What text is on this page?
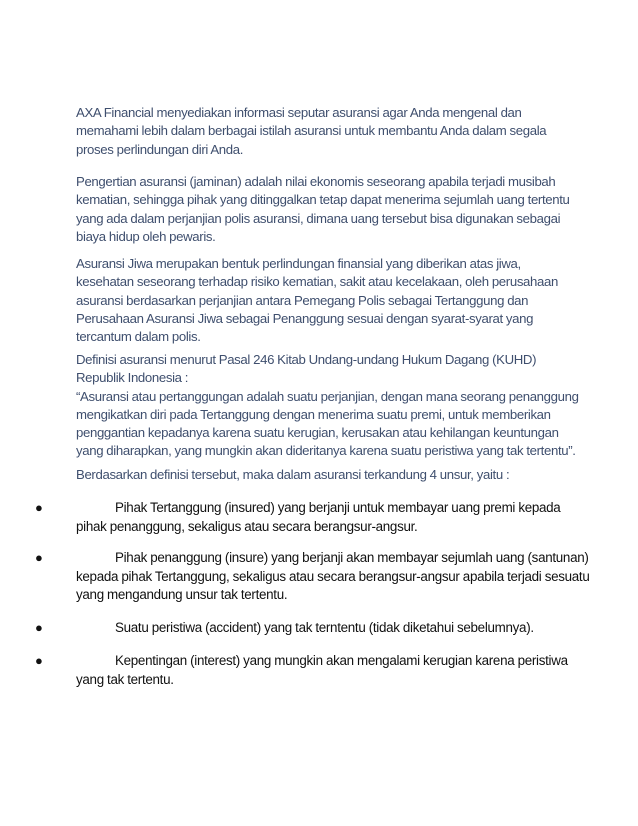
AXA Financial menyediakan informasi seputar asuransi agar Anda mengenal dan
memahami lebih dalam berbagai istilah asuransi untuk membantu Anda dalam segala
proses perlindungan diri Anda.

Pengertian asuransi (jaminan) adalah nilai ekonomis seseorang apabila terjadi musibah
kematian, sehingga pihak yang ditinggalkan tetap dapat menerima sejumlah uang tertentu
yang ada dalam perjanjian polis asuransi, dimana uang tersebut bisa digunakan sebagai
biaya hidup oleh pewaris.

Asuransi Jiwa merupakan bentuk perlindungan finansial yang diberikan atas jiwa,
kesehatan seseorang terhadap risiko kematian, sakit atau kecelakaan, oleh perusahaan
asuransi berdasarkan perjanjian antara Pemegang Polis sebagai Tertanggung dan
Perusahaan Asuransi Jiwa sebagai Penanggung sesuai dengan syarat-syarat yang
tercantum dalam polis.

Definisi asuransi menurut Pasal 246 Kitab Undang-undang Hukum Dagang (KUHD)
Republik Indonesia :
“Asuransi atau pertanggungan adalah suatu perjanjian, dengan mana seorang penanggung
mengikatkan diri pada Tertanggung dengan menerima suatu premi, untuk memberikan
penggantian kepadanya karena suatu kerugian, kerusakan atau kehilangan keuntungan
yang diharapkan, yang mungkin akan dideritanya karena suatu peristiwa yang tak tertentu”.

Berdasarkan definisi tersebut, maka dalam asuransi terkandung 4 unsur, yaitu :

●	Pihak Tertanggung (insured) yang berjanji untuk membayar uang premi kepada
pihak penanggung, sekaligus atau secara berangsur-angsur.
●	Pihak penanggung (insure) yang berjanji akan membayar sejumlah uang (santunan)
kepada pihak Tertanggung, sekaligus atau secara berangsur-angsur apabila terjadi sesuatu
yang mengandung unsur tak tertentu.
●	Suatu peristiwa (accident) yang tak terntentu (tidak diketahui sebelumnya).
●	Kepentingan (interest) yang mungkin akan mengalami kerugian karena peristiwa
yang tak tertentu.
